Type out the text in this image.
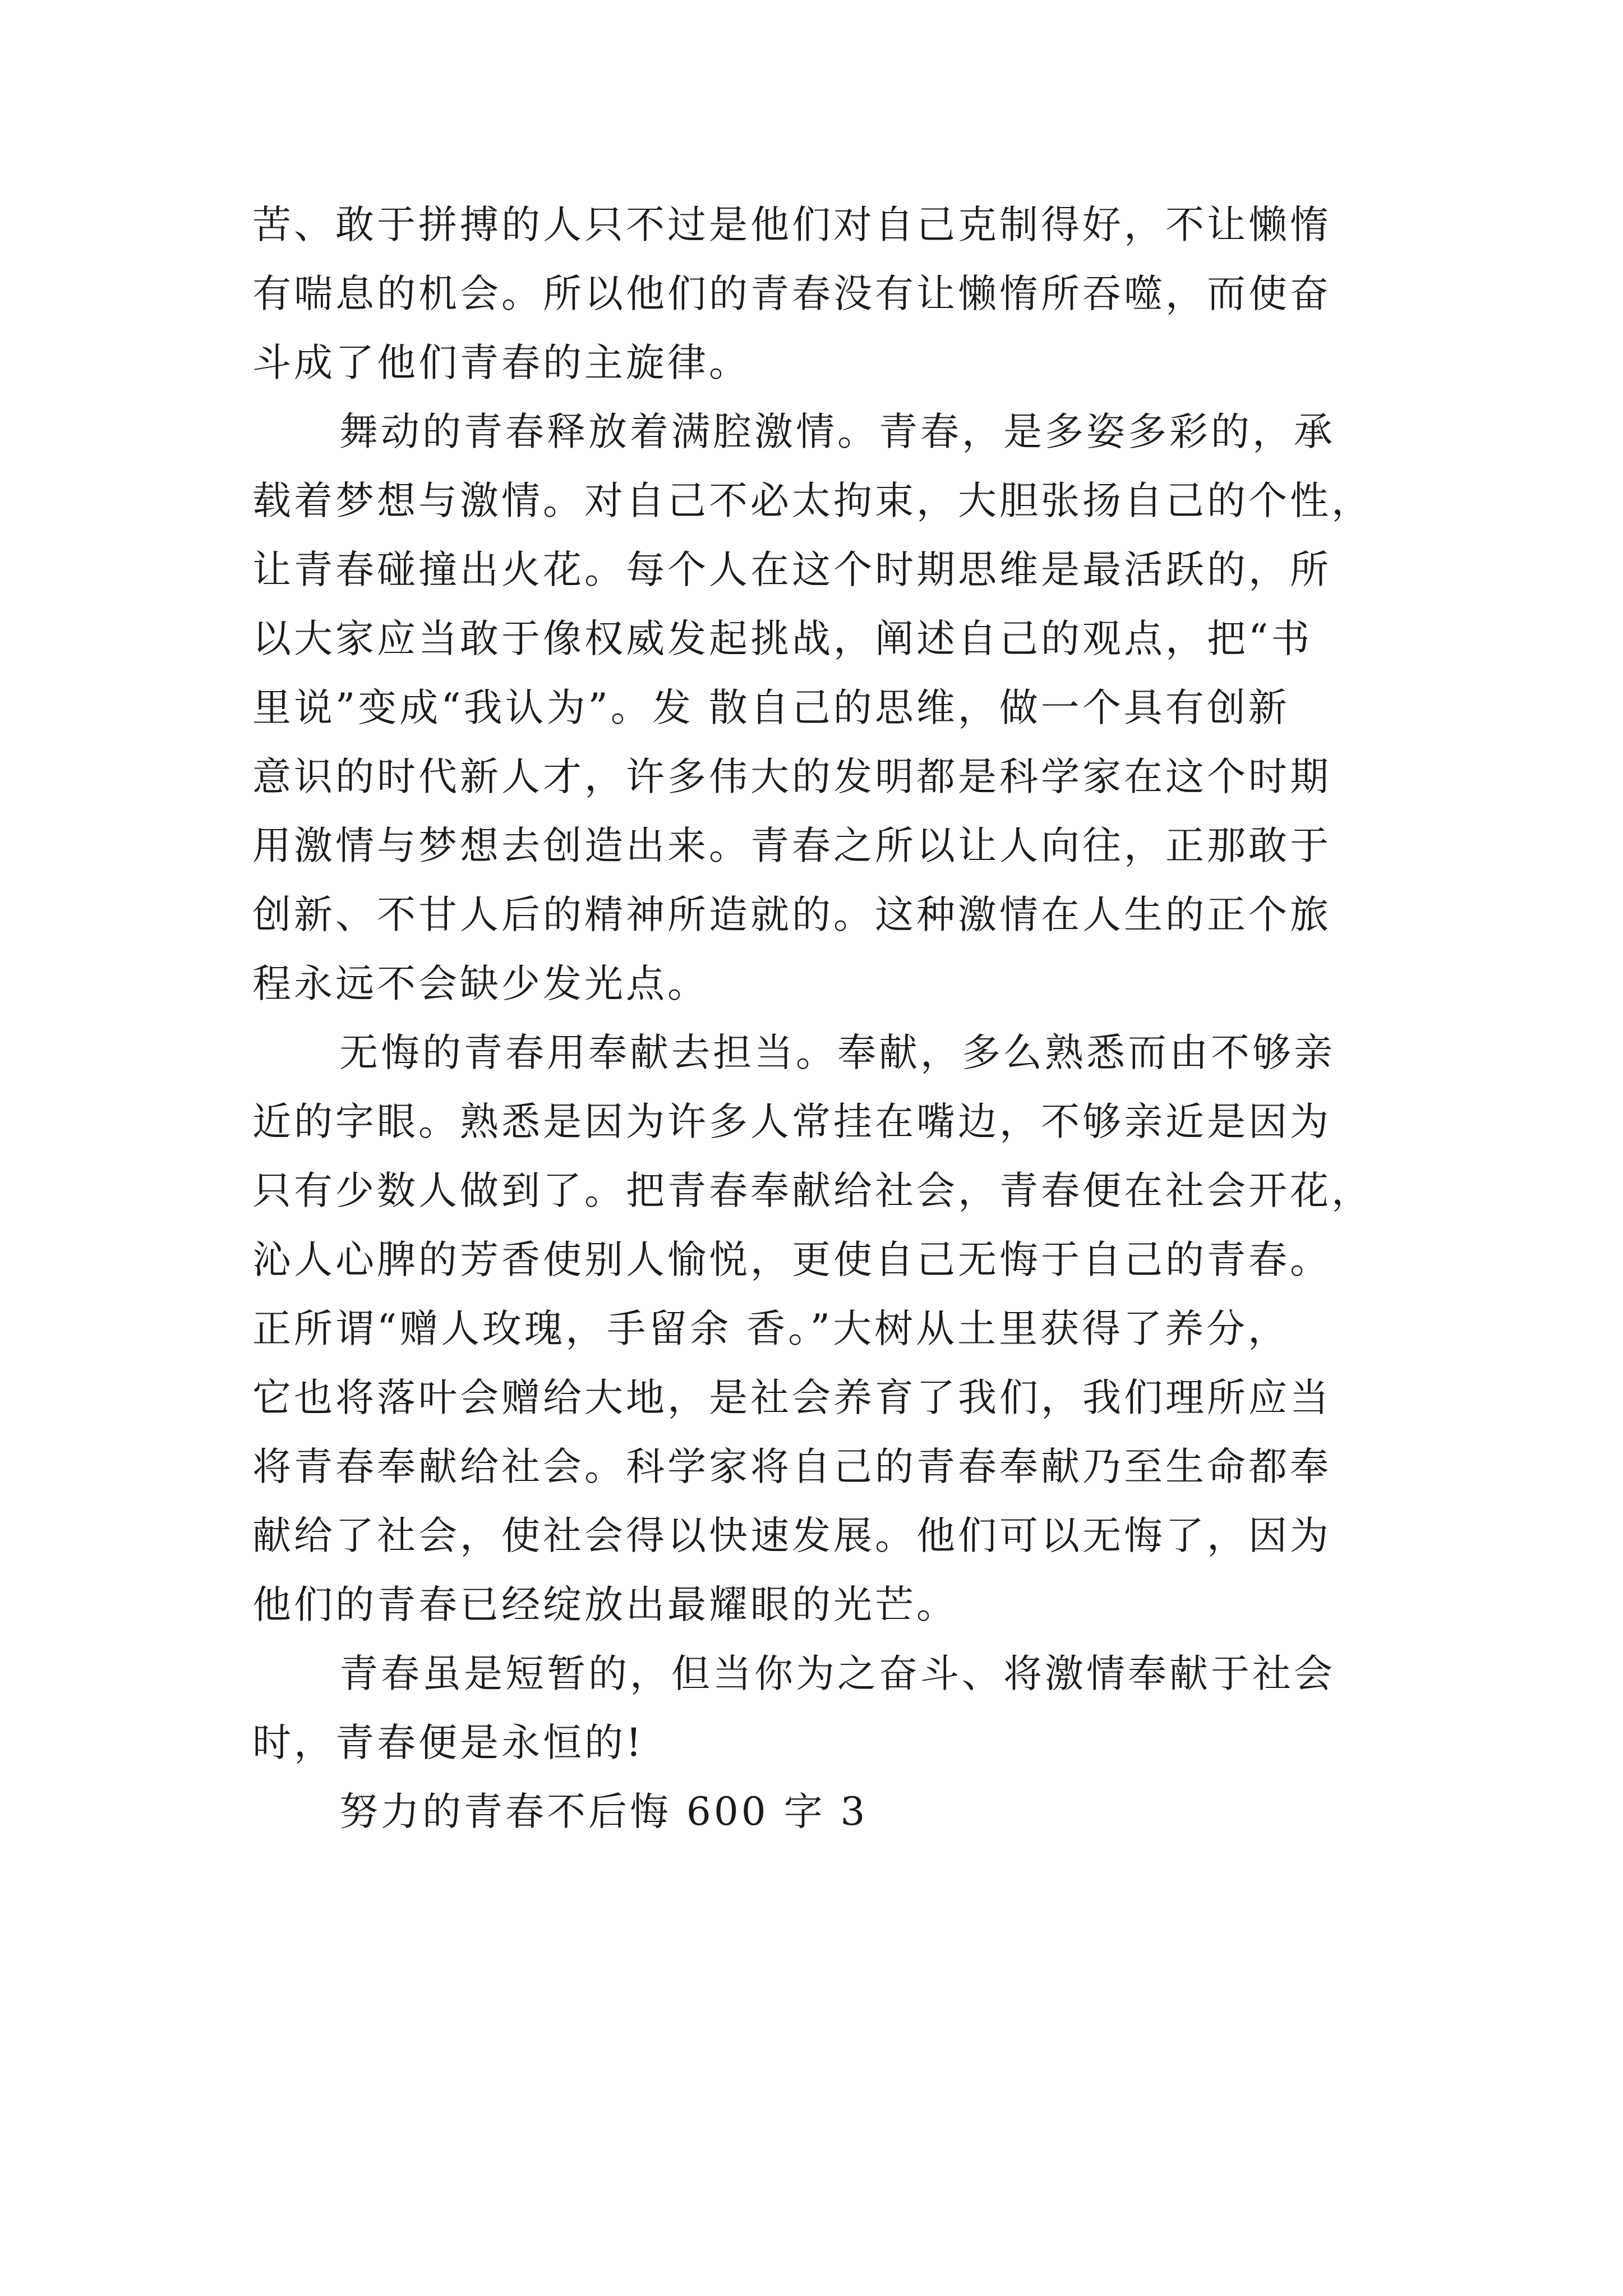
苦、敢于拼搏的人只不过是他们对自己克制得好，不让懒惰
有喘息的机会。所以他们的青春没有让懒惰所吞噬，而使奋
斗成了他们青春的主旋律。
舞动的青春释放着满腔激情。青春，是多姿多彩的，承
载着梦想与激情。对自己不必太拘束，大胆张扬自己的个性，
让青春碰撞出火花。每个人在这个时期思维是最活跃的，所
以大家应当敢于像权威发起挑战，阐述自己的观点，把“书
里说”变成“我认为”。发 散自己的思维，做一个具有创新
意识的时代新人才，许多伟大的发明都是科学家在这个时期
用激情与梦想去创造出来。青春之所以让人向往，正那敢于
创新、不甘人后的精神所造就的。这种激情在人生的正个旅
程永远不会缺少发光点。
无悔的青春用奉献去担当。奉献，多么熟悉而由不够亲
近的字眼。熟悉是因为许多人常挂在嘴边，不够亲近是因为
只有少数人做到了。把青春奉献给社会，青春便在社会开花，
沁人心脾的芳香使别人愉悦，更使自己无悔于自己的青春。
正所谓“赠人玫瑰，手留余 香。”大树从土里获得了养分，
它也将落叶会赠给大地，是社会养育了我们，我们理所应当
将青春奉献给社会。科学家将自己的青春奉献乃至生命都奉
献给了社会，使社会得以快速发展。他们可以无悔了，因为
他们的青春已经绽放出最耀眼的光芒。
青春虽是短暂的，但当你为之奋斗、将激情奉献于社会
时，青春便是永恒的!
努力的青春不后悔 600 字 3
